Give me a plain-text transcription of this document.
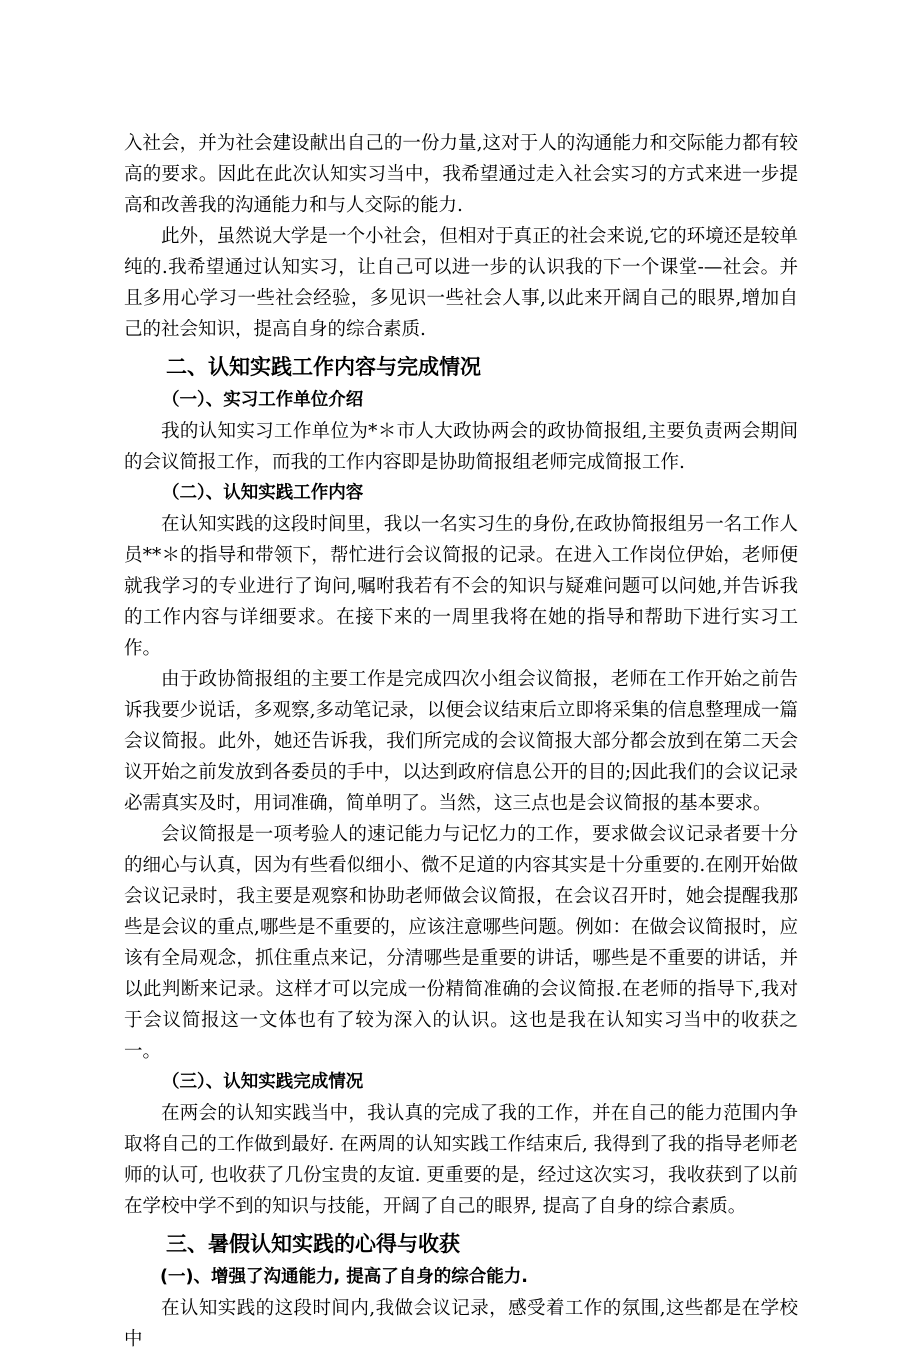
入社会，并为社会建设献出自己的一份力量,这对于人的沟通能力和交际能力都有较高的要求。因此在此次认知实习当中，我希望通过走入社会实习的方式来进一步提高和改善我的沟通能力和与人交际的能力.

此外，虽然说大学是一个小社会，但相对于真正的社会来说,它的环境还是较单纯的.我希望通过认知实习，让自己可以进一步的认识我的下一个课堂-—社会。并且多用心学习一些社会经验，多见识一些社会人事,以此来开阔自己的眼界,增加自己的社会知识，提高自身的综合素质.

二、认知实践工作内容与完成情况
（一）、实习工作单位介绍

我的认知实习工作单位为*＊市人大政协两会的政协简报组,主要负责两会期间的会议简报工作，而我的工作内容即是协助简报组老师完成简报工作.

（二）、认知实践工作内容

在认知实践的这段时间里，我以一名实习生的身份,在政协简报组另一名工作人员**＊的指导和带领下，帮忙进行会议简报的记录。在进入工作岗位伊始，老师便就我学习的专业进行了询问,嘱咐我若有不会的知识与疑难问题可以问她,并告诉我的工作内容与详细要求。在接下来的一周里我将在她的指导和帮助下进行实习工作。

由于政协简报组的主要工作是完成四次小组会议简报，老师在工作开始之前告诉我要少说话，多观察,多动笔记录，以便会议结束后立即将采集的信息整理成一篇会议简报。此外，她还告诉我，我们所完成的会议简报大部分都会放到在第二天会议开始之前发放到各委员的手中，以达到政府信息公开的目的;因此我们的会议记录必需真实及时，用词准确，简单明了。当然，这三点也是会议简报的基本要求。

会议简报是一项考验人的速记能力与记忆力的工作，要求做会议记录者要十分的细心与认真，因为有些看似细小、微不足道的内容其实是十分重要的.在刚开始做会议记录时，我主要是观察和协助老师做会议简报，在会议召开时，她会提醒我那些是会议的重点,哪些是不重要的，应该注意哪些问题。例如：在做会议简报时，应该有全局观念，抓住重点来记，分清哪些是重要的讲话，哪些是不重要的讲话，并以此判断来记录。这样才可以完成一份精简准确的会议简报.在老师的指导下,我对于会议简报这一文体也有了较为深入的认识。这也是我在认知实习当中的收获之一。

（三）、认知实践完成情况

在两会的认知实践当中，我认真的完成了我的工作，并在自己的能力范围内争取将自己的工作做到最好. 在两周的认知实践工作结束后, 我得到了我的指导老师老师的认可, 也收获了几份宝贵的友谊. 更重要的是，经过这次实习，我收获到了以前在学校中学不到的知识与技能，开阔了自己的眼界, 提高了自身的综合素质。

三、暑假认知实践的心得与收获
(一)、增强了沟通能力, 提高了自身的综合能力.

在认知实践的这段时间内,我做会议记录，感受着工作的氛围,这些都是在学校中
